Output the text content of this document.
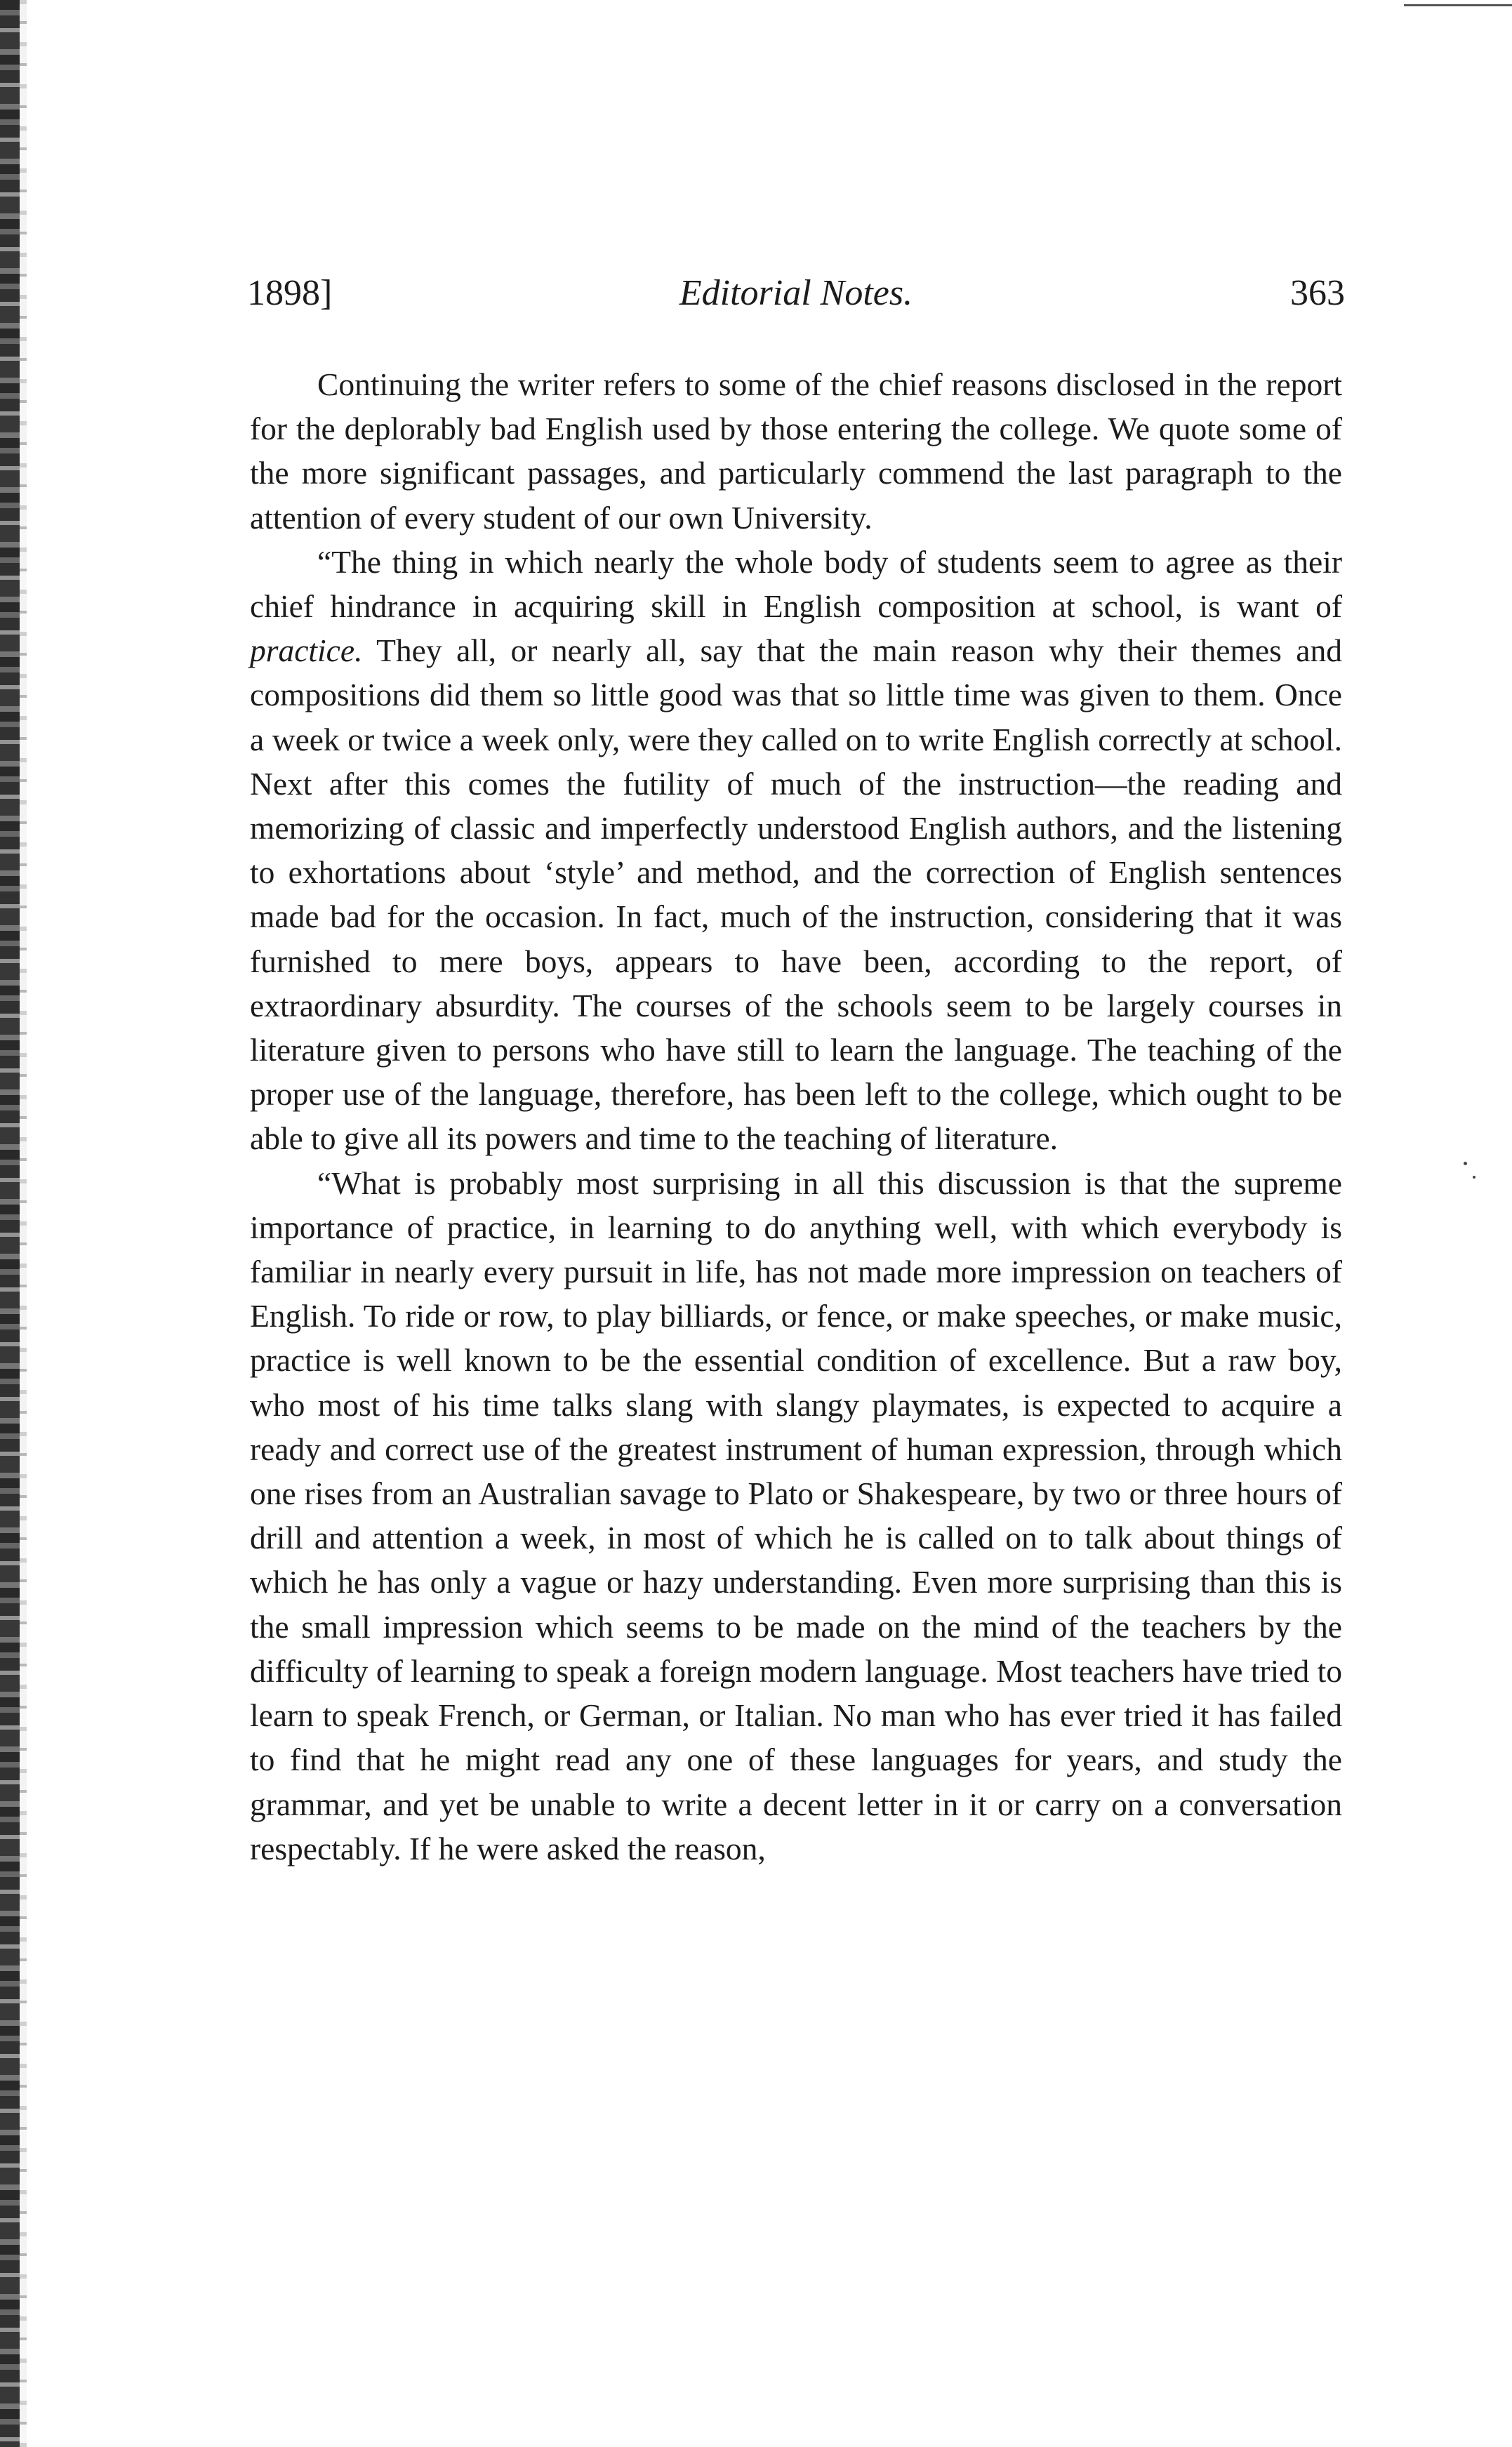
1898]	Editorial Notes.	363

Continuing the writer refers to some of the chief reasons disclosed in the report for the deplorably bad English used by those entering the college. We quote some of the more significant passages, and particularly commend the last paragraph to the attention of every student of our own University.

“The thing in which nearly the whole body of students seem to agree as their chief hindrance in acquiring skill in English composition at school, is want of practice. They all, or nearly all, say that the main reason why their themes and compositions did them so little good was that so little time was given to them. Once a week or twice a week only, were they called on to write English correctly at school. Next after this comes the futility of much of the instruction—the reading and memorizing of classic and imperfectly understood English authors, and the listening to exhortations about ‘style’ and method, and the correction of English sentences made bad for the occasion. In fact, much of the instruction, considering that it was furnished to mere boys, appears to have been, according to the report, of extraordinary absurdity. The courses of the schools seem to be largely courses in literature given to persons who have still to learn the language. The teaching of the proper use of the language, therefore, has been left to the college, which ought to be able to give all its powers and time to the teaching of literature.

“What is probably most surprising in all this discussion is that the supreme importance of practice, in learning to do anything well, with which everybody is familiar in nearly every pursuit in life, has not made more impression on teachers of English. To ride or row, to play billiards, or fence, or make speeches, or make music, practice is well known to be the essential condition of excellence. But a raw boy, who most of his time talks slang with slangy playmates, is expected to acquire a ready and correct use of the greatest instrument of human expression, through which one rises from an Australian savage to Plato or Shakespeare, by two or three hours of drill and attention a week, in most of which he is called on to talk about things of which he has only a vague or hazy understanding. Even more surprising than this is the small impression which seems to be made on the mind of the teachers by the difficulty of learning to speak a foreign modern language. Most teachers have tried to learn to speak French, or German, or Italian. No man who has ever tried it has failed to find that he might read any one of these languages for years, and study the grammar, and yet be unable to write a decent letter in it or carry on a conversation respectably. If he were asked the reason,
